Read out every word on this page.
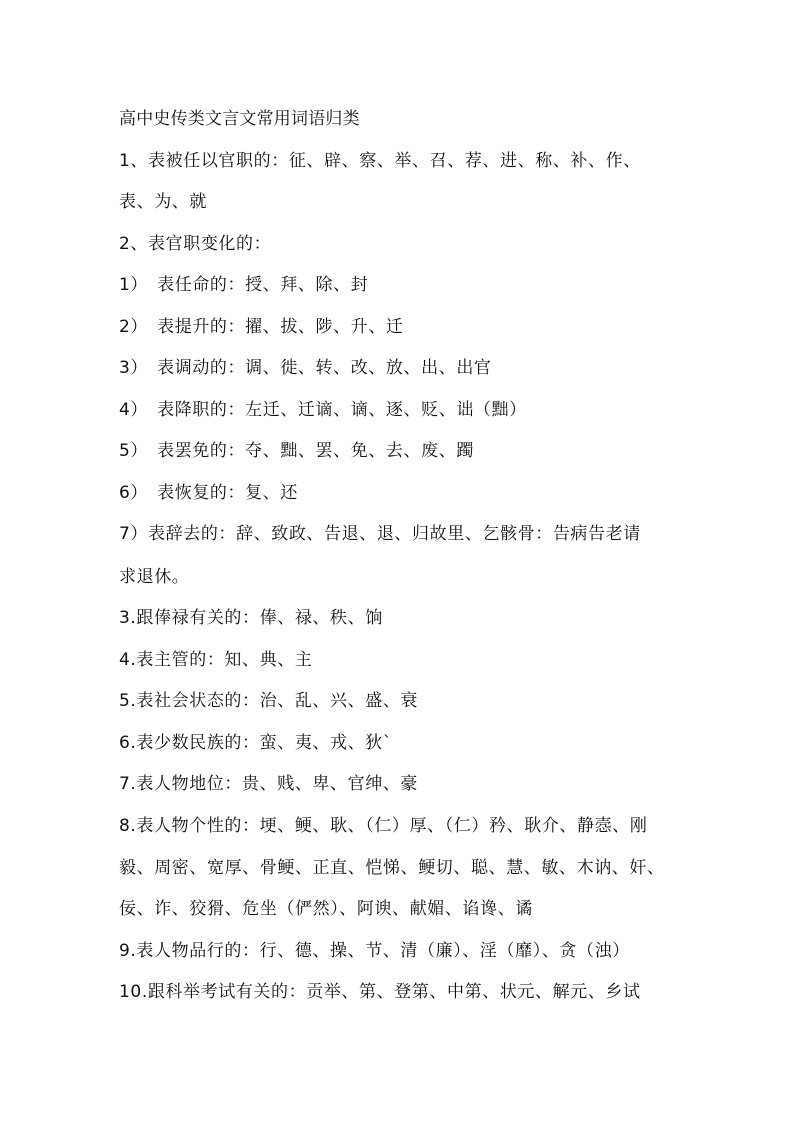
高中史传类文言文常用词语归类
1、表被任以官职的：征、辟、察、举、召、荐、进、称、补、作、
表、为、就
2、表官职变化的：
1）　表任命的：授、拜、除、封
2）　表提升的：擢、拔、陟、升、迁
3）　表调动的：调、徙、转、改、放、出、出官
4）　表降职的：左迁、迁谪、谪、逐、贬、诎（黜）
5）　表罢免的：夺、黜、罢、免、去、废、躅
6）　表恢复的：复、还
7）表辞去的：辞、致政、告退、退、归故里、乞骸骨：告病告老请
求退休。
3.跟俸禄有关的：俸、禄、秩、饷
4.表主管的：知、典、主
5.表社会状态的：治、乱、兴、盛、衰
6.表少数民族的：蛮、夷、戎、狄`
7.表人物地位：贵、贱、卑、官绅、豪
8.表人物个性的：埂、鲠、耿、（仁）厚、（仁）矜、耿介、静悫、刚
毅、周密、宽厚、骨鲠、正直、恺悌、鲠切、聪、慧、敏、木讷、奸、
佞、诈、狡猾、危坐（俨然）、阿谀、献媚、谄谗、谲
9.表人物品行的：行、德、操、节、清（廉）、淫（靡）、贪（浊）
10.跟科举考试有关的：贡举、第、登第、中第、状元、解元、乡试
